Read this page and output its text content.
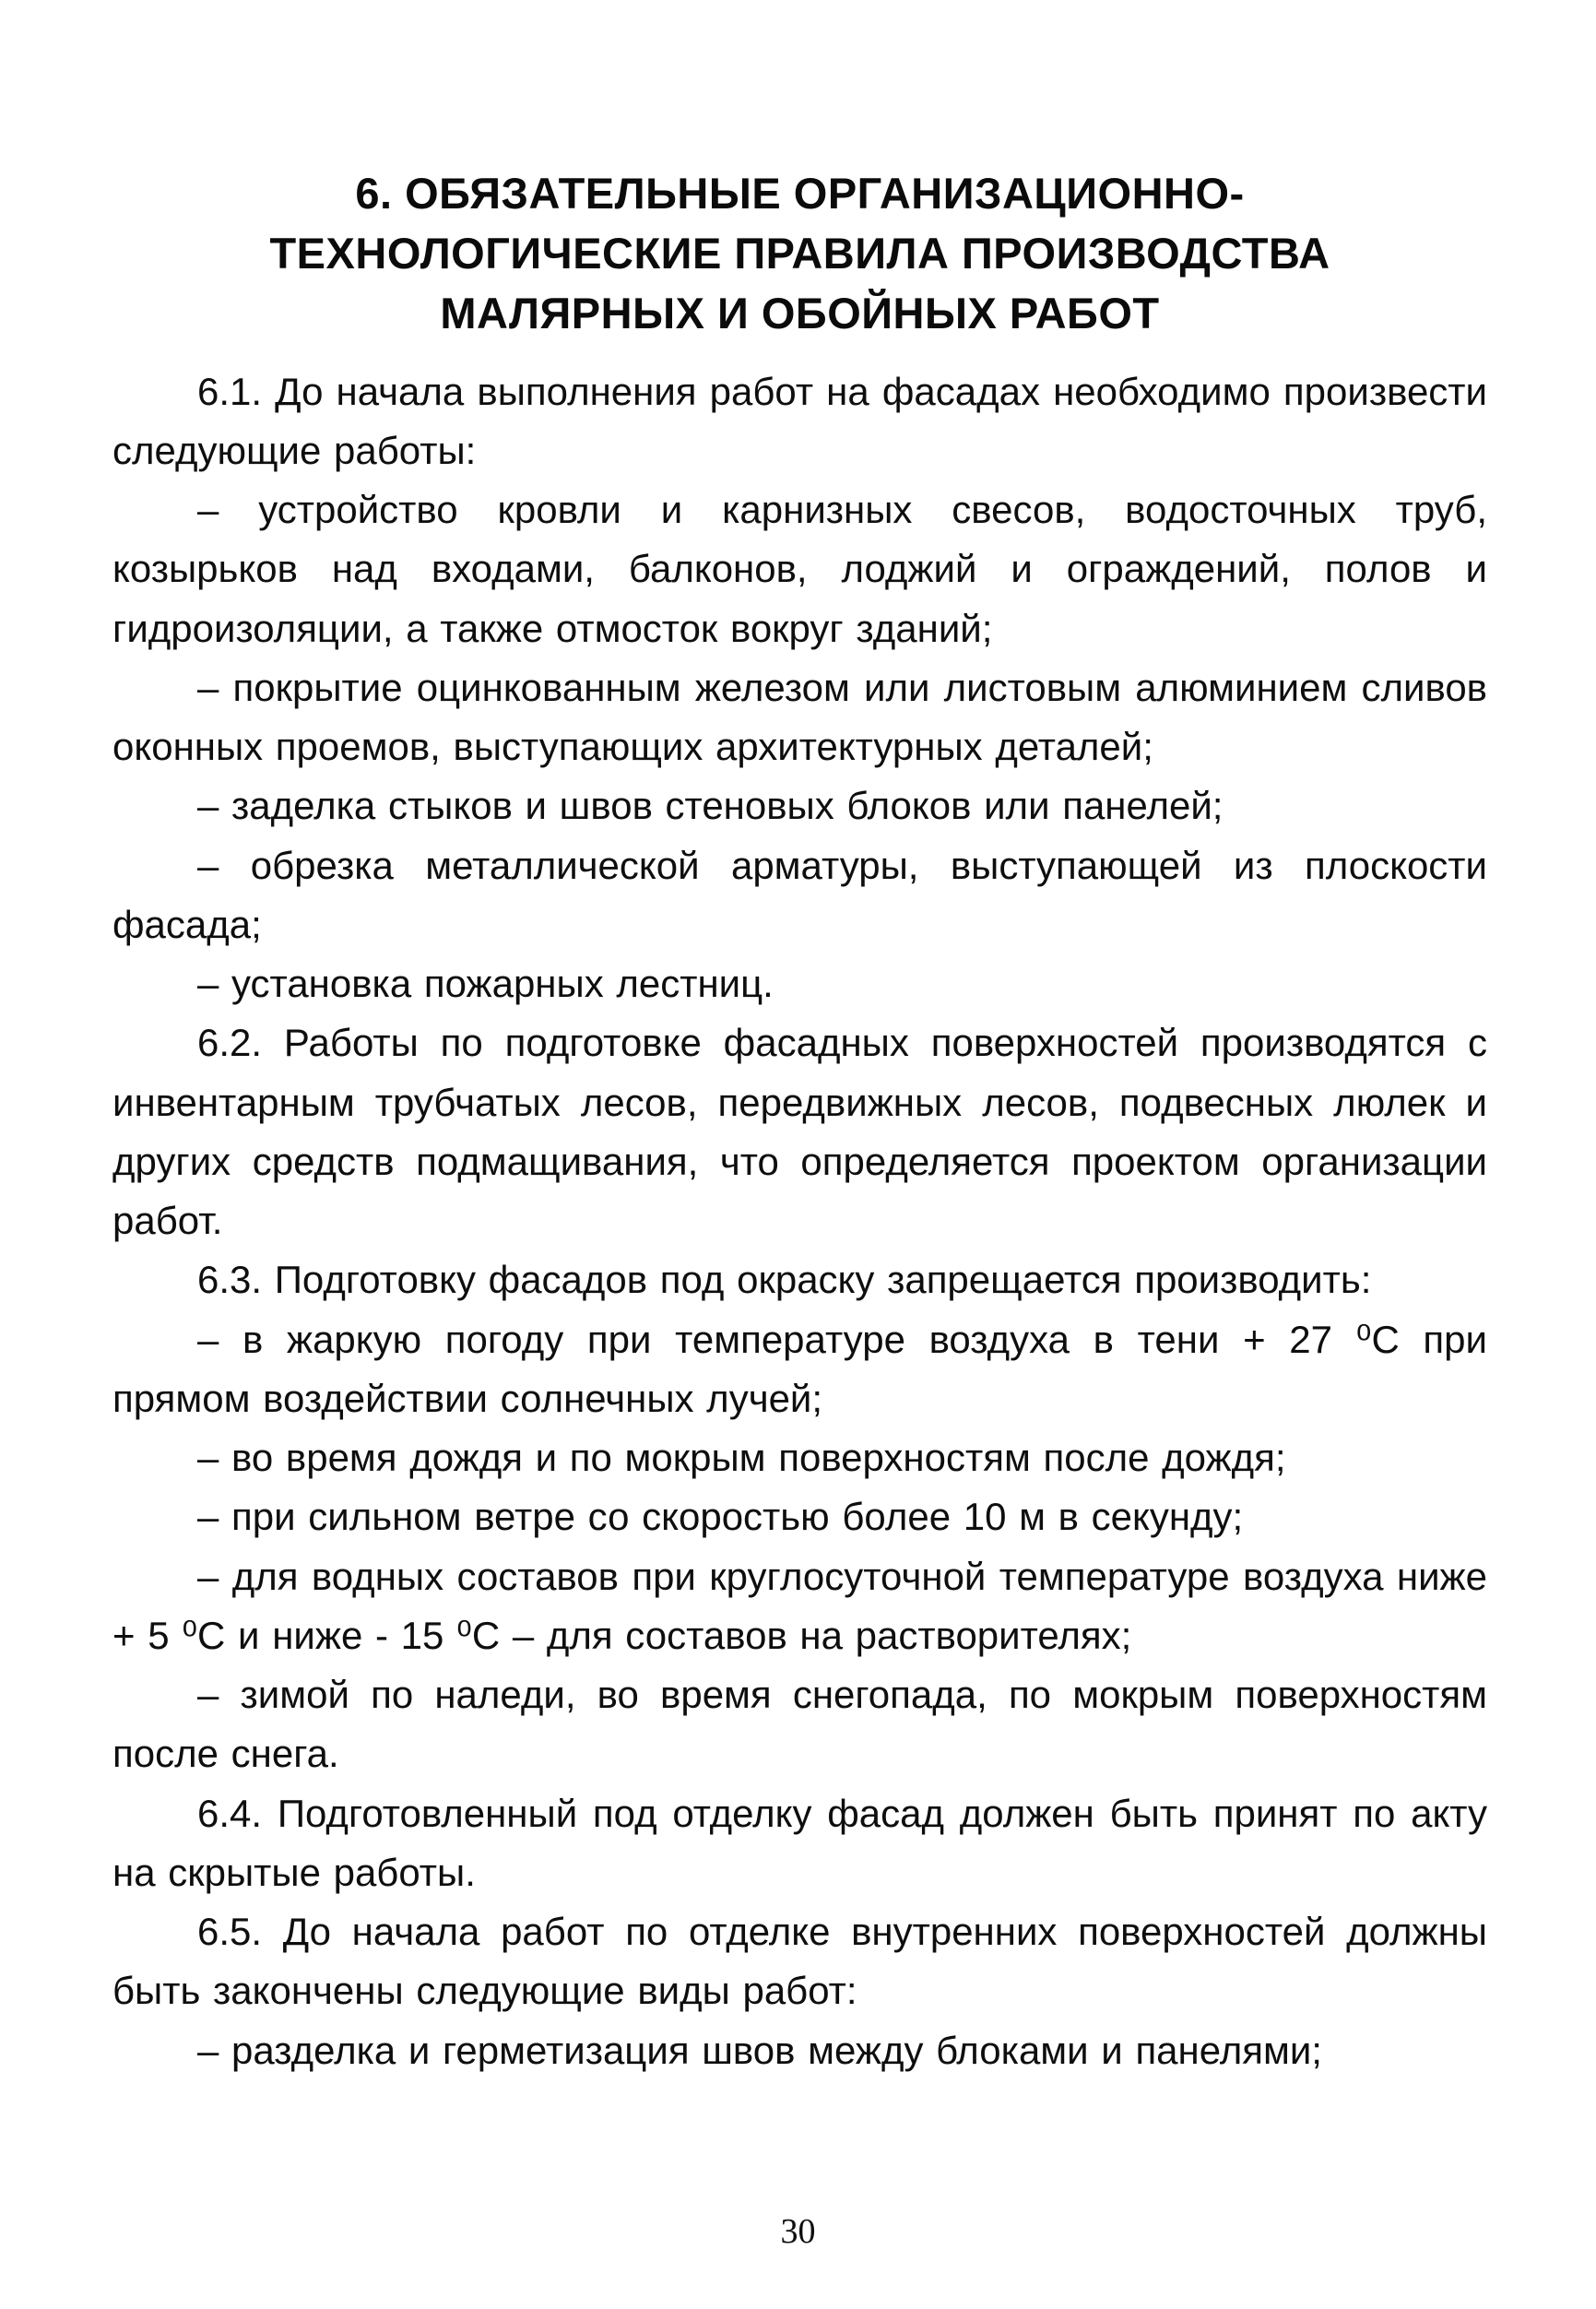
6. ОБЯЗАТЕЛЬНЫЕ ОРГАНИЗАЦИОННО-
ТЕХНОЛОГИЧЕСКИЕ ПРАВИЛА ПРОИЗВОДСТВА
МАЛЯРНЫХ И ОБОЙНЫХ РАБОТ

6.1. До начала выполнения работ на фасадах необходимо произвести следующие работы:

– устройство кровли и карнизных свесов, водосточных труб, козырьков над входами, балконов, лоджий и ограждений, полов и гидроизоляции, а также отмосток вокруг зданий;

– покрытие оцинкованным железом или листовым алюминием сливов оконных проемов, выступающих архитектурных деталей;

– заделка стыков и швов стеновых блоков или панелей;

– обрезка металлической арматуры, выступающей из плоскости фасада;

– установка пожарных лестниц.

6.2. Работы по подготовке фасадных поверхностей производятся с инвентарным трубчатых лесов, передвижных лесов, подвесных люлек и других средств подмащивания, что определяется проектом организации работ.

6.3. Подготовку фасадов под окраску запрещается производить:

– в жаркую погоду при температуре воздуха в тени + 27 ⁰С при прямом воздействии солнечных лучей;

– во время дождя и по мокрым поверхностям после дождя;

– при сильном ветре со скоростью более 10 м в секунду;

– для водных составов при круглосуточной температуре воздуха ниже + 5 ⁰С и ниже - 15 ⁰С – для составов на растворителях;

– зимой по наледи, во время снегопада, по мокрым поверхностям после снега.

6.4. Подготовленный под отделку фасад должен быть принят по акту на скрытые работы.

6.5. До начала работ по отделке внутренних поверхностей должны быть закончены следующие виды работ:

– разделка и герметизация швов между блоками и панелями;

30
